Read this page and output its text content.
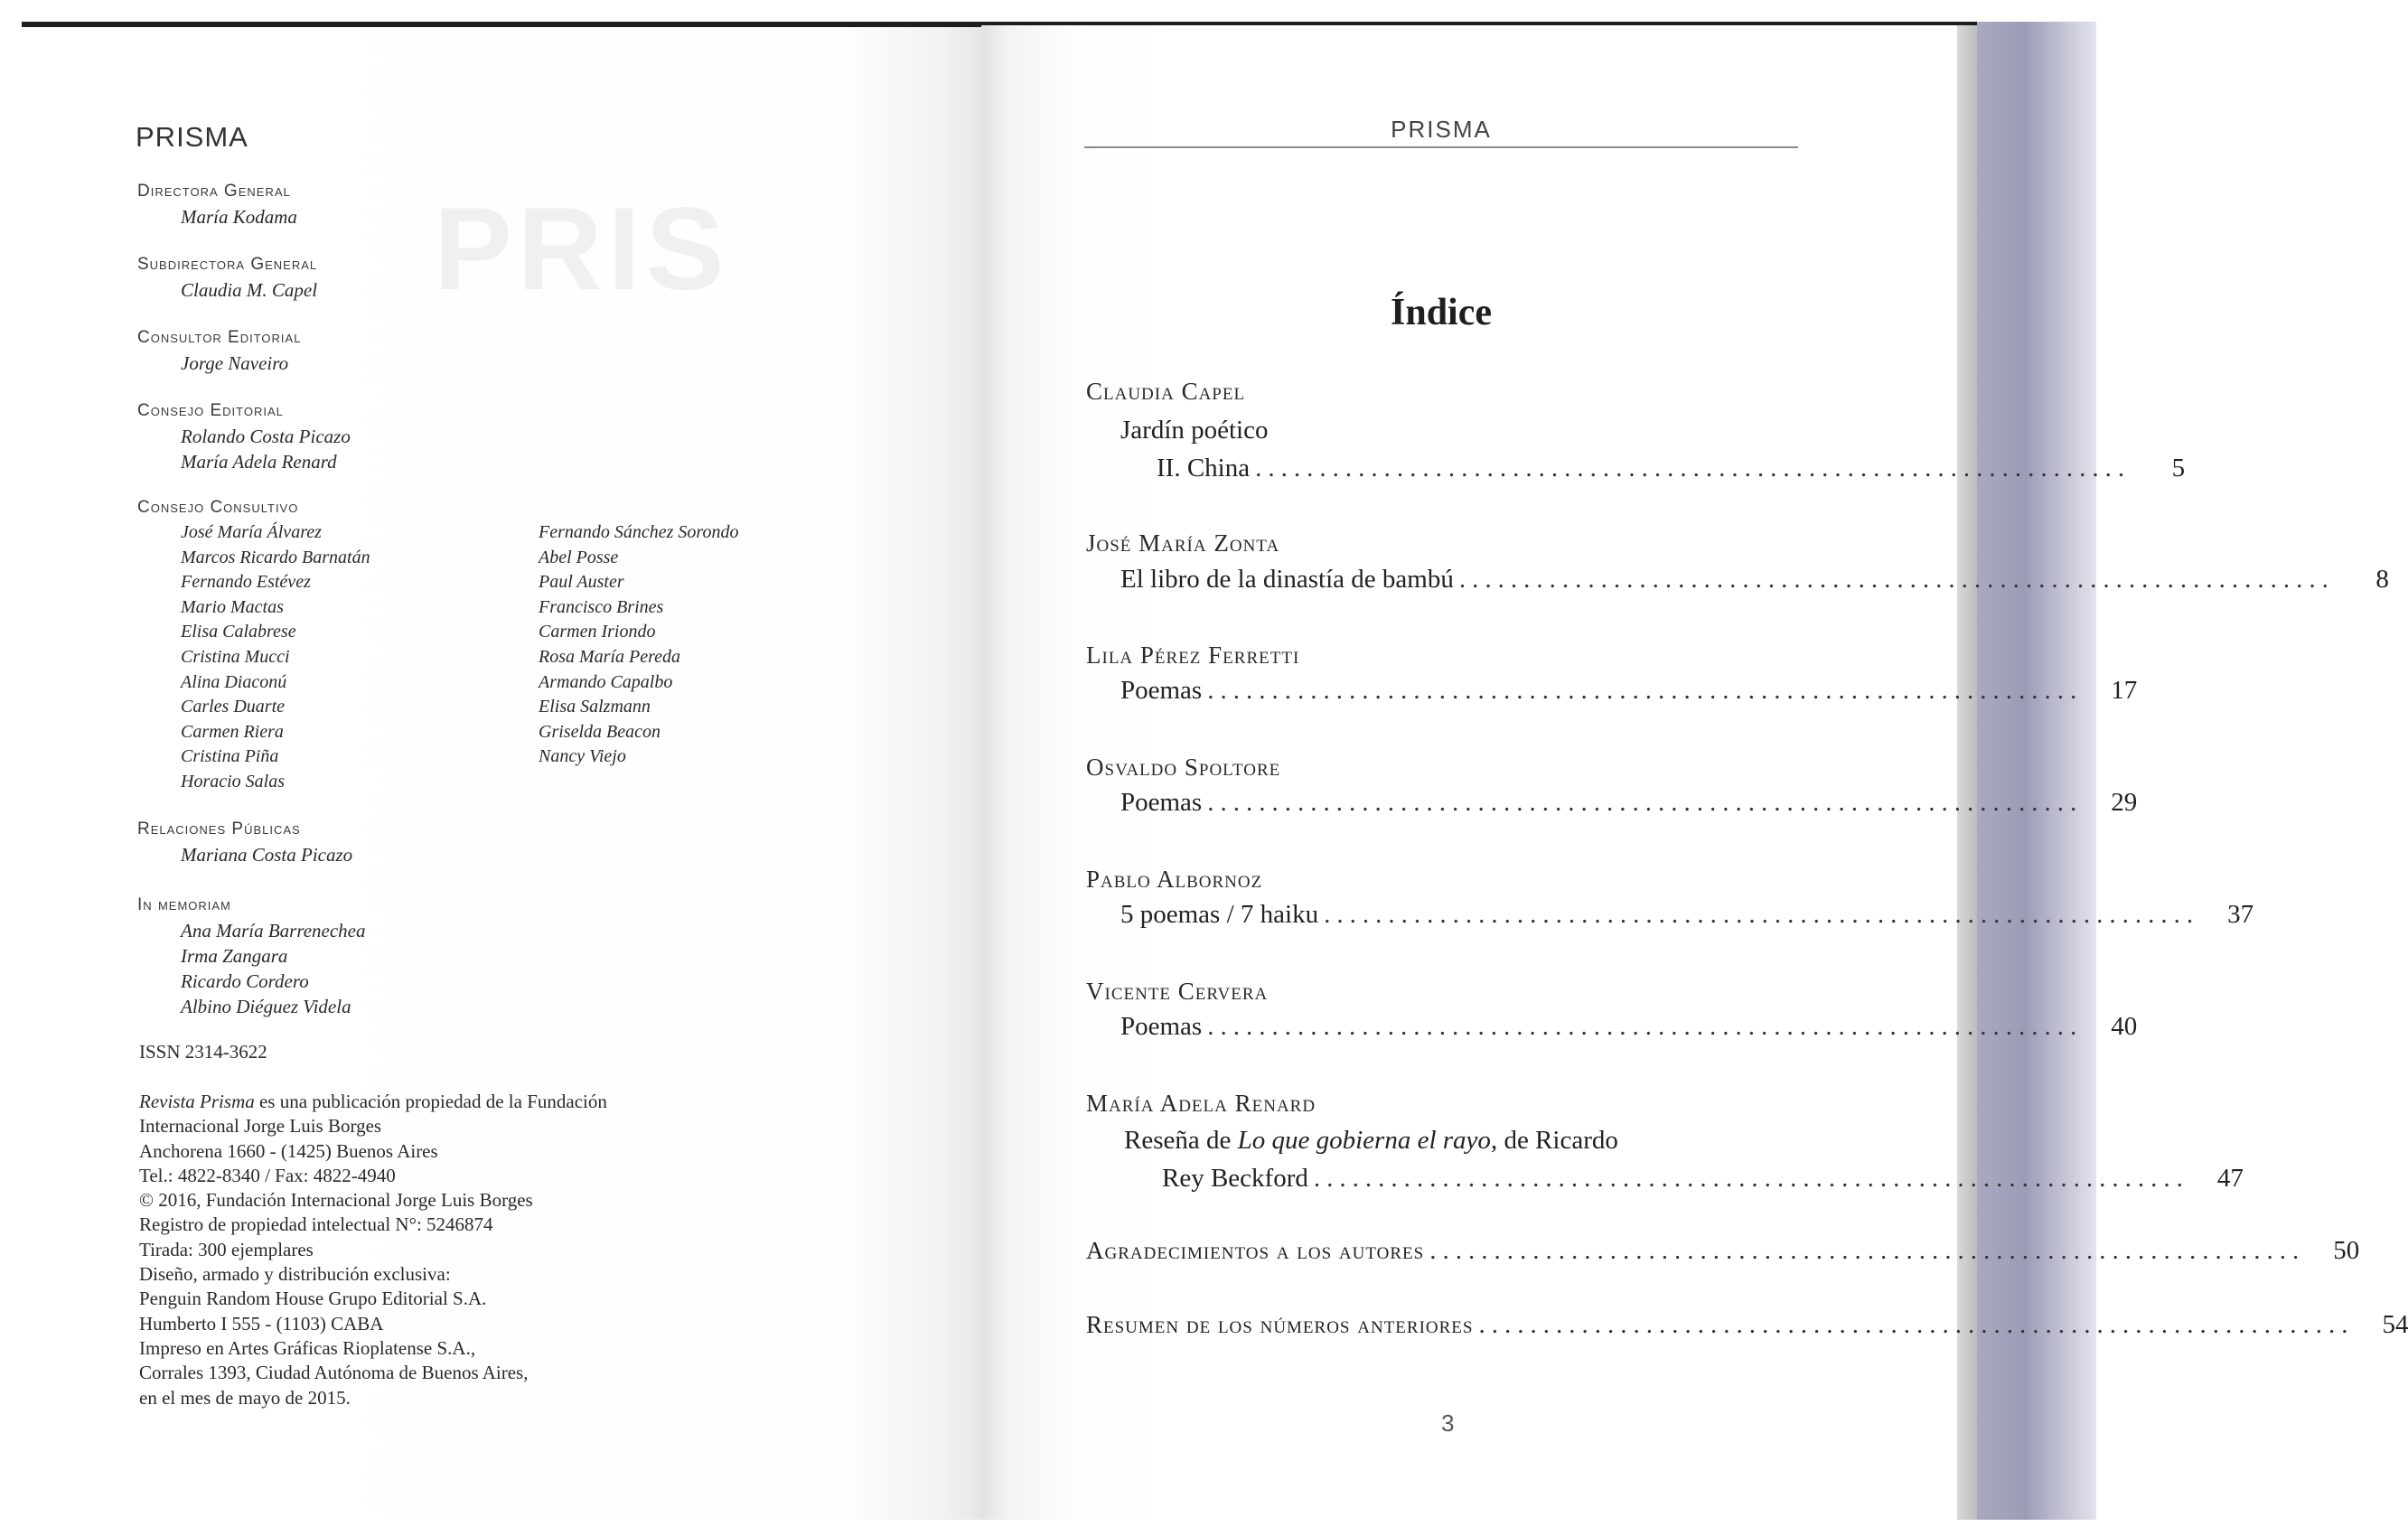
PRIS
PRISMA
Directora General
María Kodama
Subdirectora General
Claudia M. Capel
Consultor Editorial
Jorge Naveiro
Consejo Editorial
Rolando Costa Picazo
María Adela Renard
Consejo Consultivo
José María Álvarez
Marcos Ricardo Barnatán
Fernando Estévez
Mario Mactas
Elisa Calabrese
Cristina Mucci
Alina Diaconú
Carles Duarte
Carmen Riera
Cristina Piña
Horacio Salas
Fernando Sánchez Sorondo
Abel Posse
Paul Auster
Francisco Brines
Carmen Iriondo
Rosa María Pereda
Armando Capalbo
Elisa Salzmann
Griselda Beacon
Nancy Viejo
Relaciones Públicas
Mariana Costa Picazo
In memoriam
Ana María Barrenechea
Irma Zangara
Ricardo Cordero
Albino Diéguez Videla
ISSN 2314-3622
Revista Prisma es una publicación propiedad de la Fundación
Internacional Jorge Luis Borges
Anchorena 1660 - (1425) Buenos Aires
Tel.: 4822-8340 / Fax: 4822-4940
© 2016, Fundación Internacional Jorge Luis Borges
Registro de propiedad intelectual N°: 5246874
Tirada: 300 ejemplares
Diseño, armado y distribución exclusiva:
Penguin Random House Grupo Editorial S.A.
Humberto I 555 - (1103) CABA
Impreso en Artes Gráficas Rioplatense S.A.,
Corrales 1393, Ciudad Autónoma de Buenos Aires,
en el mes de mayo de 2015.
PRISMA
Índice
Claudia Capel
Jardín poético
II. China ....................................................................	5
José María Zonta
El libro de la dinastía de bambú ....................................................................	8
Lila Pérez Ferretti
Poemas ....................................................................	17
Osvaldo Spoltore
Poemas ....................................................................	29
Pablo Albornoz
5 poemas / 7 haiku ....................................................................	37
Vicente Cervera
Poemas ....................................................................	40
María Adela Renard
Reseña de Lo que gobierna el rayo, de Ricardo
Rey Beckford ....................................................................	47
Agradecimientos a los autores ....................................................................	50
Resumen de los números anteriores ....................................................................	54
3
